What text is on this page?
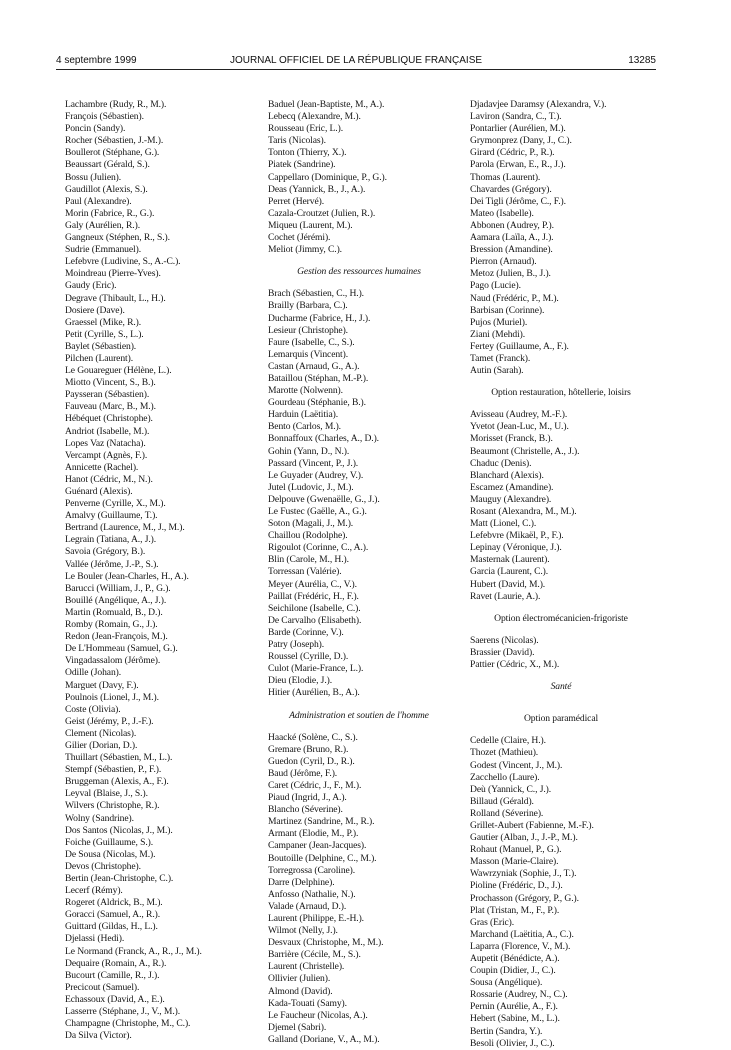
4 septembre 1999	JOURNAL OFFICIEL DE LA RÉPUBLIQUE FRANÇAISE	13285
Lachambre (Rudy, R., M.).
François (Sébastien).
Poncin (Sandy).
Rocher (Sébastien, J.-M.).
Boullerot (Stéphane, G.).
Beaussart (Gérald, S.).
Bossu (Julien).
Gaudillot (Alexis, S.).
Paul (Alexandre).
Morin (Fabrice, R., G.).
Galy (Aurélien, R.).
Gangneux (Stéphen, R., S.).
Sudrie (Emmanuel).
Lefebvre (Ludivine, S., A.-C.).
Moindreau (Pierre-Yves).
Gaudy (Eric).
Degrave (Thibault, L., H.).
Dosiere (Dave).
Graessel (Mike, R.).
Petit (Cyrille, S., L.).
Baylet (Sébastien).
Pilchen (Laurent).
Le Gouareguer (Hélène, L.).
Miotto (Vincent, S., B.).
Paysseran (Sébastien).
Fauveau (Marc, B., M.).
Hébéquet (Christophe).
Andriot (Isabelle, M.).
Lopes Vaz (Natacha).
Vercampt (Agnès, F.).
Annicette (Rachel).
Hanot (Cédric, M., N.).
Guénard (Alexis).
Penverne (Cyrille, X., M.).
Amalvy (Guillaume, T.).
Bertrand (Laurence, M., J., M.).
Legrain (Tatiana, A., J.).
Savoia (Grégory, B.).
Vallée (Jérôme, J.-P., S.).
Le Bouler (Jean-Charles, H., A.).
Barucci (William, J., P., G.).
Bouillé (Angélique, A., J.).
Martin (Romuald, B., D.).
Romby (Romain, G., J.).
Redon (Jean-François, M.).
De L'Hommeau (Samuel, G.).
Vingadassalom (Jérôme).
Odille (Johan).
Marguet (Davy, F.).
Poulnois (Lionel, J., M.).
Coste (Olivia).
Geist (Jérémy, P., J.-F.).
Clement (Nicolas).
Gilier (Dorian, D.).
Thuillart (Sébastien, M., L.).
Stempf (Sébastien, P., F.).
Bruggeman (Alexis, A., F.).
Leyval (Blaise, J., S.).
Wilvers (Christophe, R.).
Wolny (Sandrine).
Dos Santos (Nicolas, J., M.).
Foiche (Guillaume, S.).
De Sousa (Nicolas, M.).
Devos (Christophe).
Bertin (Jean-Christophe, C.).
Lecerf (Rémy).
Rogeret (Aldrick, B., M.).
Goracci (Samuel, A., R.).
Guittard (Gildas, H., L.).
Djelassi (Hedi).
Le Normand (Franck, A., R., J., M.).
Dequaire (Romain, A., R.).
Bucourt (Camille, R., J.).
Precicout (Samuel).
Echassoux (David, A., E.).
Lasserre (Stéphane, J., V., M.).
Champagne (Christophe, M., C.).
Da Silva (Victor).
Baduel (Jean-Baptiste, M., A.).
Lebecq (Alexandre, M.).
Rousseau (Eric, L.).
Taris (Nicolas).
Tonton (Thierry, X.).
Piatek (Sandrine).
Cappellaro (Dominique, P., G.).
Deas (Yannick, B., J., A.).
Perret (Hervé).
Cazala-Croutzet (Julien, R.).
Miqueu (Laurent, M.).
Cochet (Jérémi).
Meliot (Jimmy, C.).
Gestion des ressources humaines
Brach (Sébastien, C., H.).
Brailly (Barbara, C.).
Ducharme (Fabrice, H., J.).
Lesieur (Christophe).
Faure (Isabelle, C., S.).
Lemarquis (Vincent).
Castan (Arnaud, G., A.).
Bataillou (Stéphan, M.-P.).
Marotte (Nolwenn).
Gourdeau (Stéphanie, B.).
Harduin (Laëtitia).
Bento (Carlos, M.).
Bonnaffoux (Charles, A., D.).
Gohin (Yann, D., N.).
Passard (Vincent, P., J.).
Le Guyader (Audrey, V.).
Jutel (Ludovic, J., M.).
Delpouve (Gwenaëlle, G., J.).
Le Fustec (Gaëlle, A., G.).
Soton (Magali, J., M.).
Chaillou (Rodolphe).
Rigoulot (Corinne, C., A.).
Blin (Carole, M., H.).
Torressan (Valérie).
Meyer (Aurélia, C., V.).
Paillat (Frédéric, H., F.).
Seichilone (Isabelle, C.).
De Carvalho (Elisabeth).
Barde (Corinne, V.).
Patry (Joseph).
Roussel (Cyrille, D.).
Culot (Marie-France, L.).
Dieu (Elodie, J.).
Hitier (Aurélien, B., A.).
Administration et soutien de l'homme
Haacké (Solène, C., S.).
Gremare (Bruno, R.).
Guedon (Cyril, D., R.).
Baud (Jérôme, F.).
Caret (Cédric, J., F., M.).
Piaud (Ingrid, J., A.).
Blancho (Séverine).
Martinez (Sandrine, M., R.).
Armant (Elodie, M., P.).
Campaner (Jean-Jacques).
Boutoille (Delphine, C., M.).
Torregrossa (Caroline).
Darre (Delphine).
Anfosso (Nathalie, N.).
Valade (Arnaud, D.).
Laurent (Philippe, E.-H.).
Wilmot (Nelly, J.).
Desvaux (Christophe, M., M.).
Barrière (Cécile, M., S.).
Laurent (Christelle).
Ollivier (Julien).
Almond (David).
Kada-Touati (Samy).
Le Faucheur (Nicolas, A.).
Djemel (Sabri).
Galland (Doriane, V., A., M.).
Djadavjee Daramsy (Alexandra, V.).
Laviron (Sandra, C., T.).
Pontarlier (Aurélien, M.).
Grymonprez (Dany, J., C.).
Girard (Cédric, P., R.).
Parola (Erwan, E., R., J.).
Thomas (Laurent).
Chavardes (Grégory).
Dei Tigli (Jérôme, C., F.).
Mateo (Isabelle).
Abbonen (Audrey, P.).
Aamara (Laïla, A., J.).
Bression (Amandine).
Pierron (Arnaud).
Metoz (Julien, B., J.).
Pago (Lucie).
Naud (Frédéric, P., M.).
Barbisan (Corinne).
Pujos (Muriel).
Ziani (Mehdi).
Fertey (Guillaume, A., F.).
Tamet (Franck).
Autin (Sarah).
Option restauration, hôtellerie, loisirs
Avisseau (Audrey, M.-F.).
Yvetot (Jean-Luc, M., U.).
Morisset (Franck, B.).
Beaumont (Christelle, A., J.).
Chaduc (Denis).
Blanchard (Alexis).
Escamez (Amandine).
Mauguy (Alexandre).
Rosant (Alexandra, M., M.).
Matt (Lionel, C.).
Lefebvre (Mikaël, P., F.).
Lepinay (Véronique, J.).
Masternak (Laurent).
Garcia (Laurent, C.).
Hubert (David, M.).
Ravet (Laurie, A.).
Option électromécanicien-frigoriste
Saerens (Nicolas).
Brassier (David).
Pattier (Cédric, X., M.).
Santé
Option paramédical
Cedelle (Claire, H.).
Thozet (Mathieu).
Godest (Vincent, J., M.).
Zacchello (Laure).
Deù (Yannick, C., J.).
Billaud (Gérald).
Rolland (Séverine).
Grillet-Aubert (Fabienne, M.-F.).
Gautier (Alban, J., J.-P., M.).
Rohaut (Manuel, P., G.).
Masson (Marie-Claire).
Wawrzyniak (Sophie, J., T.).
Pioline (Frédéric, D., J.).
Prochasson (Grégory, P., G.).
Plat (Tristan, M., F., P.).
Gras (Eric).
Marchand (Laëtitia, A., C.).
Laparra (Florence, V., M.).
Aupetit (Bénédicte, A.).
Coupin (Didier, J., C.).
Sousa (Angélique).
Rossarie (Audrey, N., C.).
Pernin (Aurélie, A., F.).
Hebert (Sabine, M., L.).
Bertin (Sandra, Y.).
Besoli (Olivier, J., C.).
